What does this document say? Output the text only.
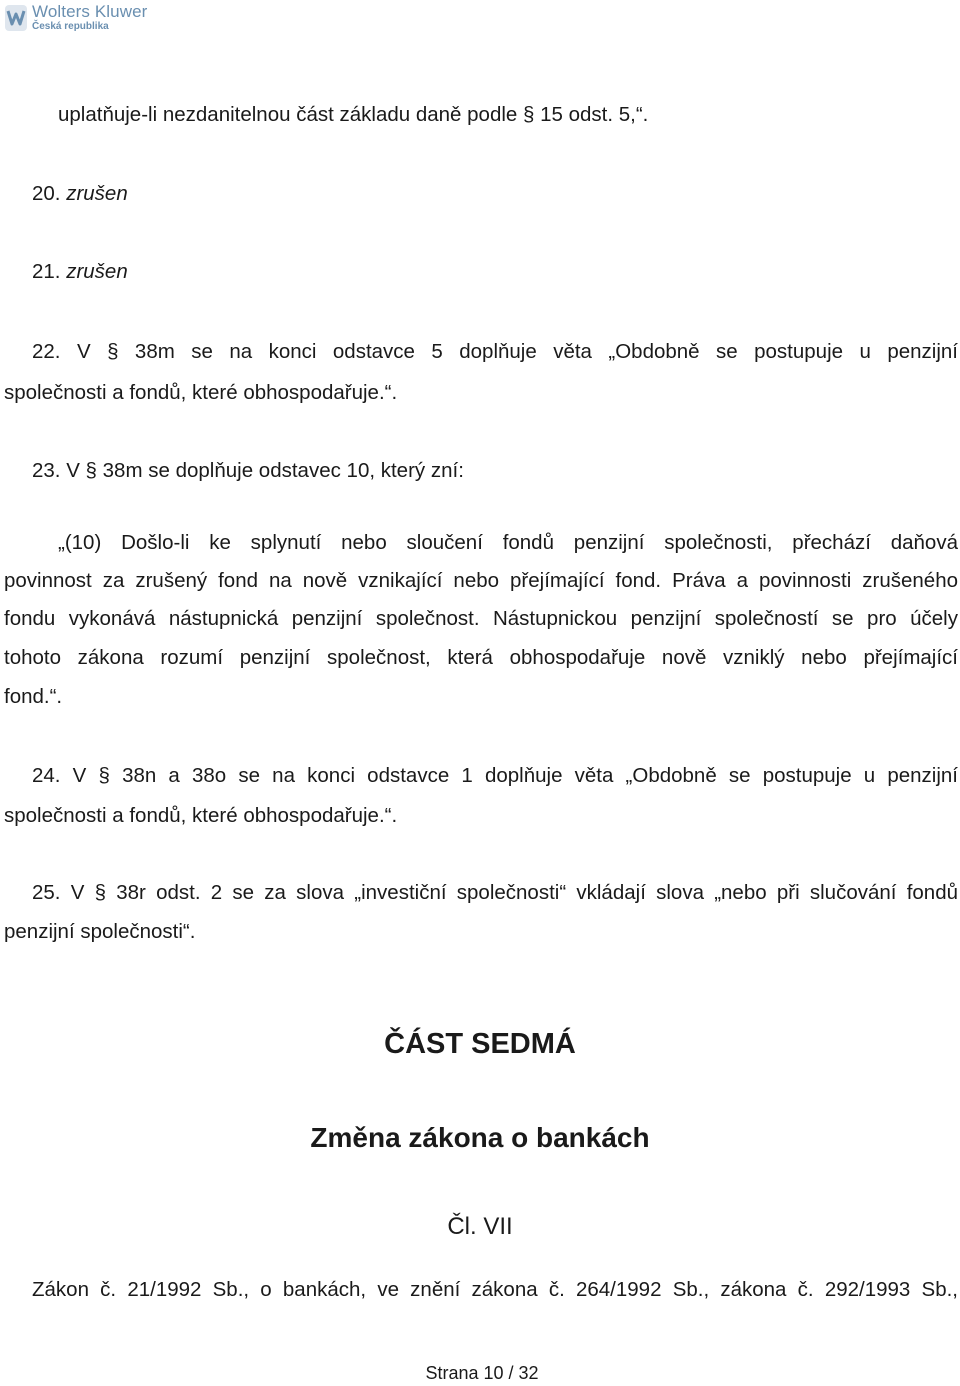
Wolters Kluwer
Česká republika
uplatňuje-li nezdanitelnou část základu daně podle § 15 odst. 5,“.
20. zrušen
21. zrušen
22. V § 38m se na konci odstavce 5 doplňuje věta „Obdobně se postupuje u penzijní
společnosti a fondů, které obhospodařuje.“.
23. V § 38m se doplňuje odstavec 10, který zní:
„(10) Došlo-li ke splynutí nebo sloučení fondů penzijní společnosti, přechází daňová
povinnost za zrušený fond na nově vznikající nebo přejímající fond. Práva a povinnosti zrušeného
fondu vykonává nástupnická penzijní společnost. Nástupnickou penzijní společností se pro účely
tohoto zákona rozumí penzijní společnost, která obhospodařuje nově vzniklý nebo přejímající
fond.“.
24. V § 38n a 38o se na konci odstavce 1 doplňuje věta „Obdobně se postupuje u penzijní
společnosti a fondů, které obhospodařuje.“.
25. V § 38r odst. 2 se za slova „investiční společnosti“ vkládají slova „nebo při slučování fondů
penzijní společnosti“.
ČÁST SEDMÁ
Změna zákona o bankách
Čl. VII
Zákon č. 21/1992 Sb., o bankách, ve znění zákona č. 264/1992 Sb., zákona č. 292/1993 Sb.,
Strana 10 / 32
